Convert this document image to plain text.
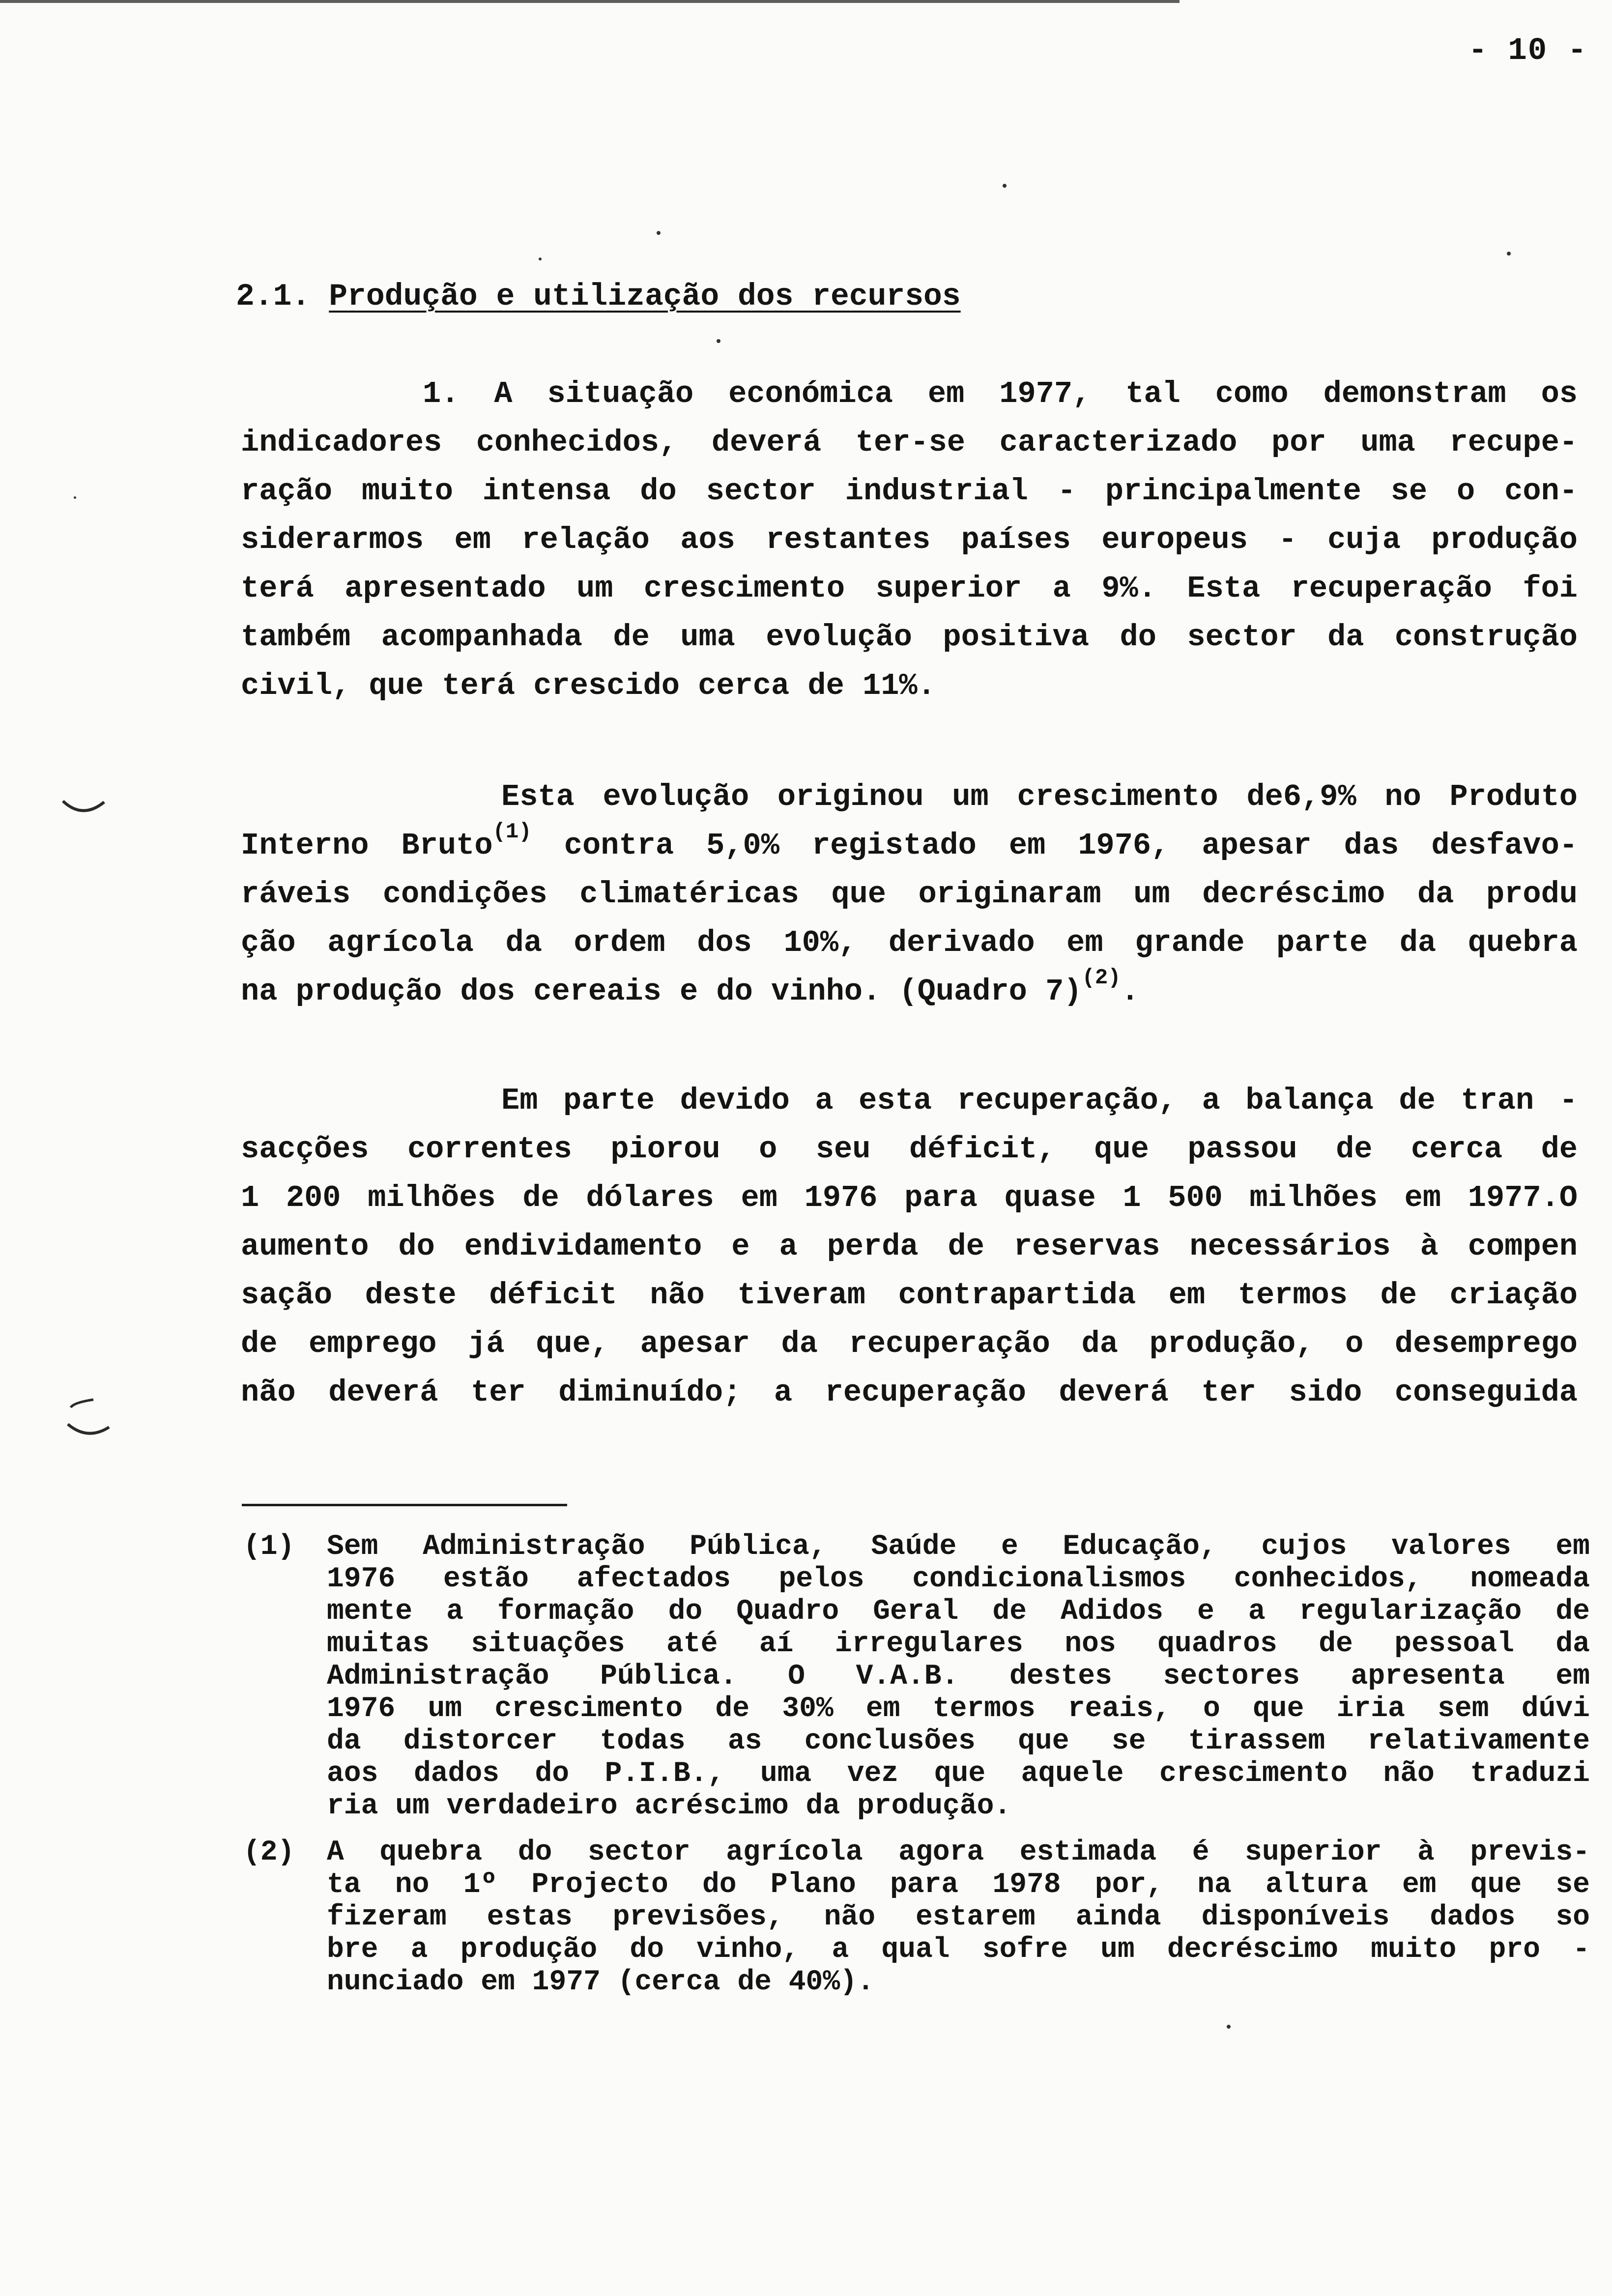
- 10 -
2.1. Produção e utilização dos recursos
1. A situação económica em 1977, tal como demonstram os
indicadores conhecidos, deverá ter-se caracterizado por uma recupe-
ração muito intensa do sector industrial - principalmente se o con-
siderarmos em relação aos restantes países europeus - cuja produção
terá apresentado um crescimento superior a 9%. Esta recuperação foi
também acompanhada de uma evolução positiva do sector da construção
civil, que terá crescido cerca de 11%.
Esta evolução originou um crescimento de6,9% no Produto
Interno Bruto$^{(1)}$ contra 5,0% registado em 1976, apesar das desfavo-
ráveis condições climatéricas que originaram um decréscimo da produ
ção agrícola da ordem dos 10%, derivado em grande parte da quebra
na produção dos cereais e do vinho. (Quadro 7)$^{(2)}$.
Em parte devido a esta recuperação, a balança de tran -
sacções correntes piorou o seu déficit, que passou de cerca de
1 200 milhões de dólares em 1976 para quase 1 500 milhões em 1977.O
aumento do endividamento e a perda de reservas necessários à compen
sação deste déficit não tiveram contrapartida em termos de criação
de emprego já que, apesar da recuperação da produção, o desemprego
não deverá ter diminuído; a recuperação deverá ter sido conseguida
(1) Sem Administração Pública, Saúde e Educação, cujos valores em
1976 estão afectados pelos condicionalismos conhecidos, nomeada
mente a formação do Quadro Geral de Adidos e a regularização de
muitas situações até aí irregulares nos quadros de pessoal da
Administração Pública. O V.A.B. destes sectores apresenta em
1976 um crescimento de 30% em termos reais, o que iria sem dúvi
da distorcer todas as conclusões que se tirassem relativamente
aos dados do P.I.B., uma vez que aquele crescimento não traduzi
ria um verdadeiro acréscimo da produção.
(2) A quebra do sector agrícola agora estimada é superior à previs-
ta no 1º Projecto do Plano para 1978 por, na altura em que se
fizeram estas previsões, não estarem ainda disponíveis dados so
bre a produção do vinho, a qual sofre um decréscimo muito pro -
nunciado em 1977 (cerca de 40%).
